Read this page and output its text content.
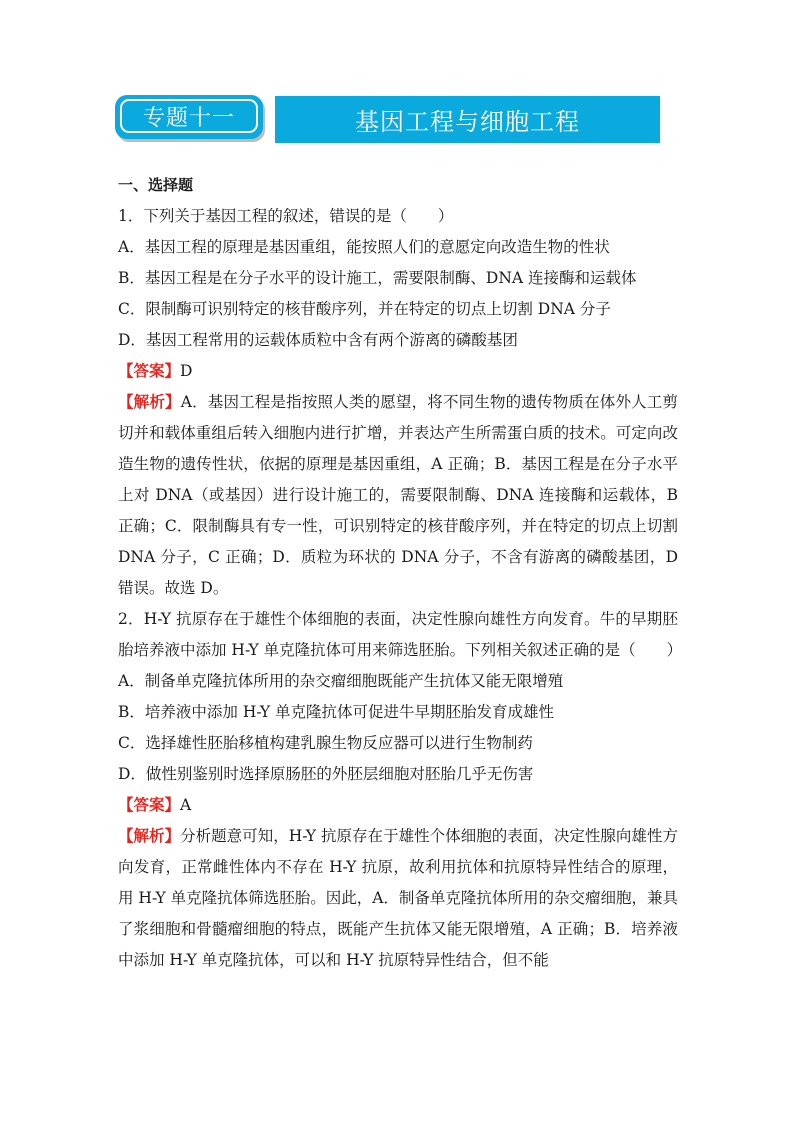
专题十一	基因工程与细胞工程
一、选择题
1．下列关于基因工程的叙述，错误的是（　　）
A．基因工程的原理是基因重组，能按照人们的意愿定向改造生物的性状
B．基因工程是在分子水平的设计施工，需要限制酶、DNA 连接酶和运载体
C．限制酶可识别特定的核苷酸序列，并在特定的切点上切割 DNA 分子
D．基因工程常用的运载体质粒中含有两个游离的磷酸基团
【答案】D

【解析】A．基因工程是指按照人类的愿望，将不同生物的遗传物质在体外人工剪切并和载体重组后转入细胞内进行扩增，并表达产生所需蛋白质的技术。可定向改造生物的遗传性状，依据的原理是基因重组，A 正确；B．基因工程是在分子水平上对 DNA（或基因）进行设计施工的，需要限制酶、DNA 连接酶和运载体，B 正确；C．限制酶具有专一性，可识别特定的核苷酸序列，并在特定的切点上切割 DNA 分子，C 正确；D．质粒为环状的 DNA 分子，不含有游离的磷酸基团，D 错误。故选 D。

2．H-Y 抗原存在于雄性个体细胞的表面，决定性腺向雄性方向发育。牛的早期胚胎培养液中添加 H-Y 单克隆抗体可用来筛选胚胎。下列相关叙述正确的是（　　）

A．制备单克隆抗体所用的杂交瘤细胞既能产生抗体又能无限增殖
B．培养液中添加 H-Y 单克隆抗体可促进牛早期胚胎发育成雄性
C．选择雄性胚胎移植构建乳腺生物反应器可以进行生物制药
D．做性别鉴别时选择原肠胚的外胚层细胞对胚胎几乎无伤害
【答案】A

【解析】分析题意可知，H-Y 抗原存在于雄性个体细胞的表面，决定性腺向雄性方向发育，正常雌性体内不存在 H-Y 抗原，故利用抗体和抗原特异性结合的原理，用 H-Y 单克隆抗体筛选胚胎。因此，A．制备单克隆抗体所用的杂交瘤细胞，兼具了浆细胞和骨髓瘤细胞的特点，既能产生抗体又能无限增殖，A 正确；B．培养液中添加 H-Y 单克隆抗体，可以和 H-Y 抗原特异性结合，但不能
